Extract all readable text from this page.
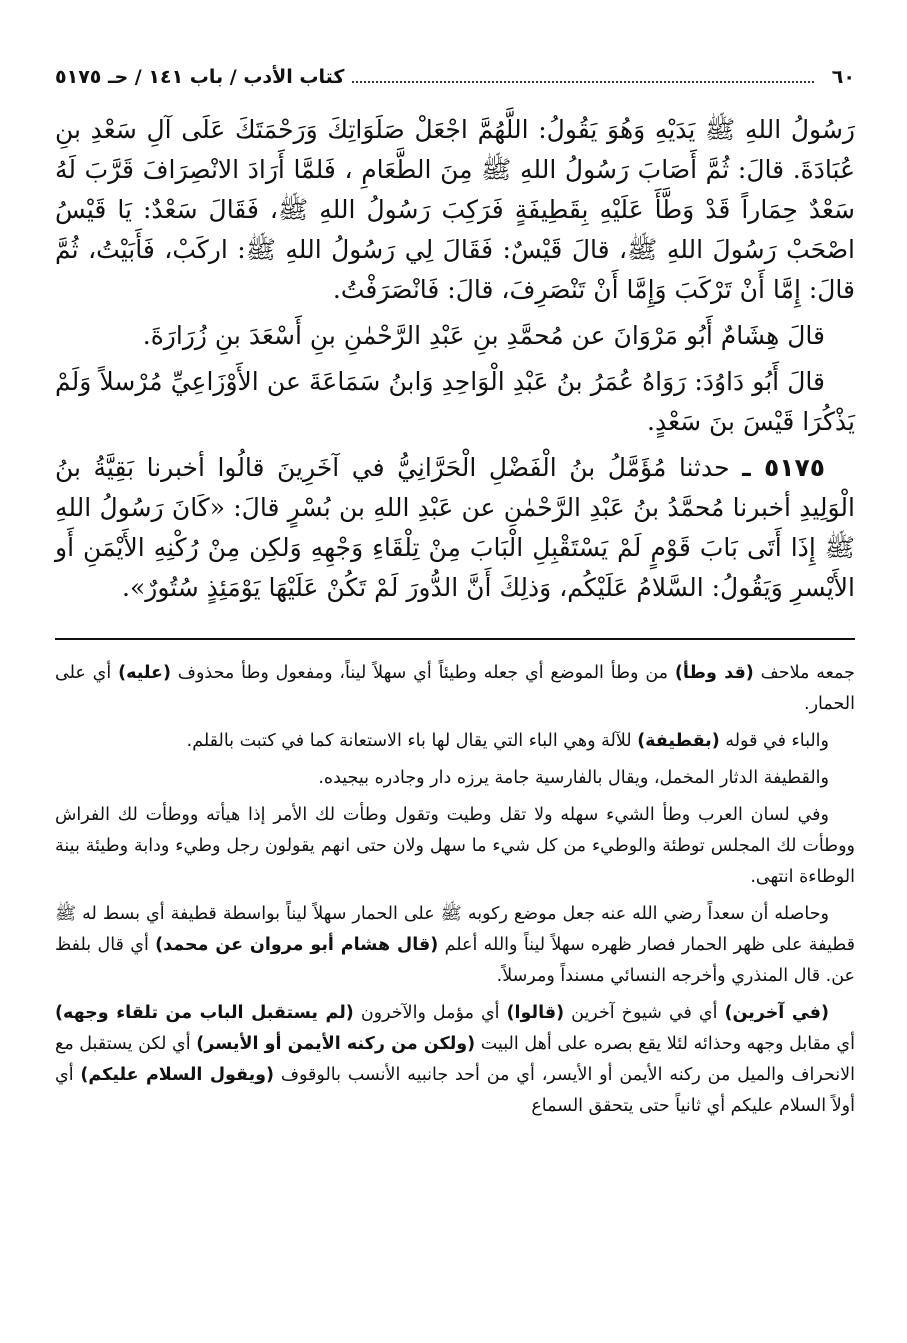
٦٠
كتاب الأدب / باب ١٤١ / حـ ٥١٧٥

رَسُولُ اللهِ ﷺ يَدَيْهِ وَهُوَ يَقُولُ: اللَّهُمَّ اجْعَلْ صَلَوَاتِكَ وَرَحْمَتَكَ عَلَى آلِ سَعْدِ بنِ عُبَادَةَ. قالَ: ثُمَّ أَصَابَ رَسُولُ اللهِ ﷺ مِنَ الطَّعَامِ ، فَلمَّا أَرَادَ الانْصِرَافَ قَرَّبَ لَهُ سَعْدٌ حِمَاراً قَدْ وَطَّأَ عَلَيْهِ بِقَطِيفَةٍ فَرَكِبَ رَسُولُ اللهِ ﷺ، فَقَالَ سَعْدٌ: يَا قَيْسُ اصْحَبْ رَسُولَ اللهِ ﷺ، قالَ قَيْسٌ: فَقَالَ لِي رَسُولُ اللهِ ﷺ: اركَبْ، فَأَبَيْتُ، ثُمَّ قالَ: إِمَّا أَنْ تَرْكَبَ وَإِمَّا أَنْ تَنْصَرِفَ، قالَ: فَانْصَرَفْتُ.

قالَ هِشَامٌ أَبُو مَرْوَانَ عن مُحمَّدِ بنِ عَبْدِ الرَّحْمٰنِ بنِ أَسْعَدَ بنِ زُرَارَةَ.

قالَ أَبُو دَاوُدَ: رَوَاهُ عُمَرُ بنُ عَبْدِ الْوَاحِدِ وَابنُ سَمَاعَةَ عن الأَوْزَاعِيِّ مُرْسلاً وَلَمْ يَذْكُرَا قَيْسَ بنَ سَعْدٍ.

٥١٧٥ ـ حدثنا مُؤَمَّلُ بنُ الْفَضْلِ الْحَرَّانِيُّ في آخَرِينَ قالُوا أخبرنا بَقِيَّةُ بنُ الْوَلِيدِ أخبرنا مُحمَّدُ بنُ عَبْدِ الرَّحْمٰنِ عن عَبْدِ اللهِ بن بُسْرٍ قالَ: «كَانَ رَسُولُ اللهِ ﷺ إِذَا أَتَى بَابَ قَوْمٍ لَمْ يَسْتَقْبِلِ الْبَابَ مِنْ تِلْقَاءِ وَجْهِهِ وَلكِن مِنْ رُكْنِهِ الأَيْمَنِ أَو الأَيْسرِ وَيَقُولُ: السَّلامُ عَلَيْكُم، وَذلِكَ أَنَّ الدُّورَ لَمْ تَكُنْ عَلَيْهَا يَوْمَئِذٍ سُتُورٌ».

جمعه ملاحف (قد وطأ) من وطأ الموضع أي جعله وطيئاً أي سهلاً ليناً، ومفعول وطأ محذوف (عليه) أي على الحمار.

والباء في قوله (بقطيفة) للآلة وهي الباء التي يقال لها باء الاستعانة كما في كتبت بالقلم.

والقطيفة الدثار المخمل، ويقال بالفارسية جامة يرزه دار وجادره بيجيده.

وفي لسان العرب وطأ الشيء سهله ولا تقل وطيت وتقول وطأت لك الأمر إذا هيأته ووطأت لك الفراش ووطأت لك المجلس توطئة والوطيء من كل شيء ما سهل ولان حتى انهم يقولون رجل وطيء ودابة وطيئة بينة الوطاءة انتهى.

وحاصله أن سعداً رضي الله عنه جعل موضع ركوبه ﷺ على الحمار سهلاً ليناً بواسطة قطيفة أي بسط له ﷺ قطيفة على ظهر الحمار فصار ظهره سهلاً ليناً والله أعلم (قال هشام أبو مروان عن محمد) أي قال بلفظ عن. قال المنذري وأخرجه النسائي مسنداً ومرسلاً.

(في آخرين) أي في شيوخ آخرين (قالوا) أي مؤمل والآخرون (لم يستقبل الباب من تلقاء وجهه) أي مقابل وجهه وحذائه لئلا يقع بصره على أهل البيت (ولكن من ركنه الأيمن أو الأيسر) أي لكن يستقبل مع الانحراف والميل من ركنه الأيمن أو الأيسر، أي من أحد جانبيه الأنسب بالوقوف (ويقول السلام عليكم) أي أولاً السلام عليكم أي ثانياً حتى يتحقق السماع
